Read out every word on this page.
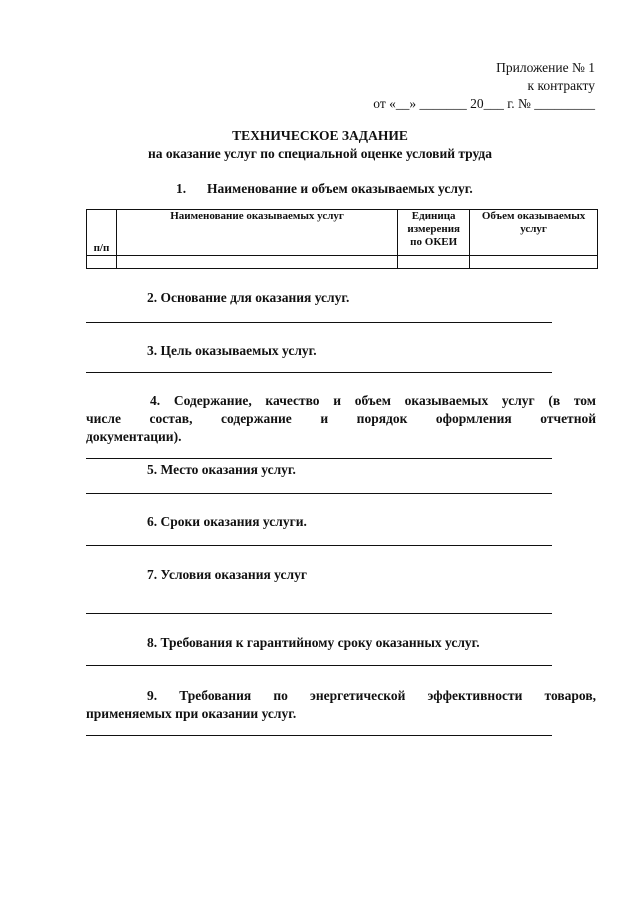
Приложение № 1
к контракту
от «__» _______ 20___ г. № _________
ТЕХНИЧЕСКОЕ ЗАДАНИЕ
на оказание услуг по специальной оценке условий труда
1. Наименование и объем оказываемых услуг.
п/п	Наименование оказываемых услуг	Единица измерения по ОКЕИ	Объем оказываемых услуг

2. Основание для оказания услуг.
3. Цель оказываемых услуг.
4. Содержание, качество и объем оказываемых услуг (в том
числе состав, содержание и порядок оформления отчетной
документации).
5. Место оказания услуг.
6. Сроки оказания услуги.
7. Условия оказания услуг
8. Требования к гарантийному сроку оказанных услуг.
9. Требования по энергетической эффективности товаров,
применяемых при оказании услуг.
